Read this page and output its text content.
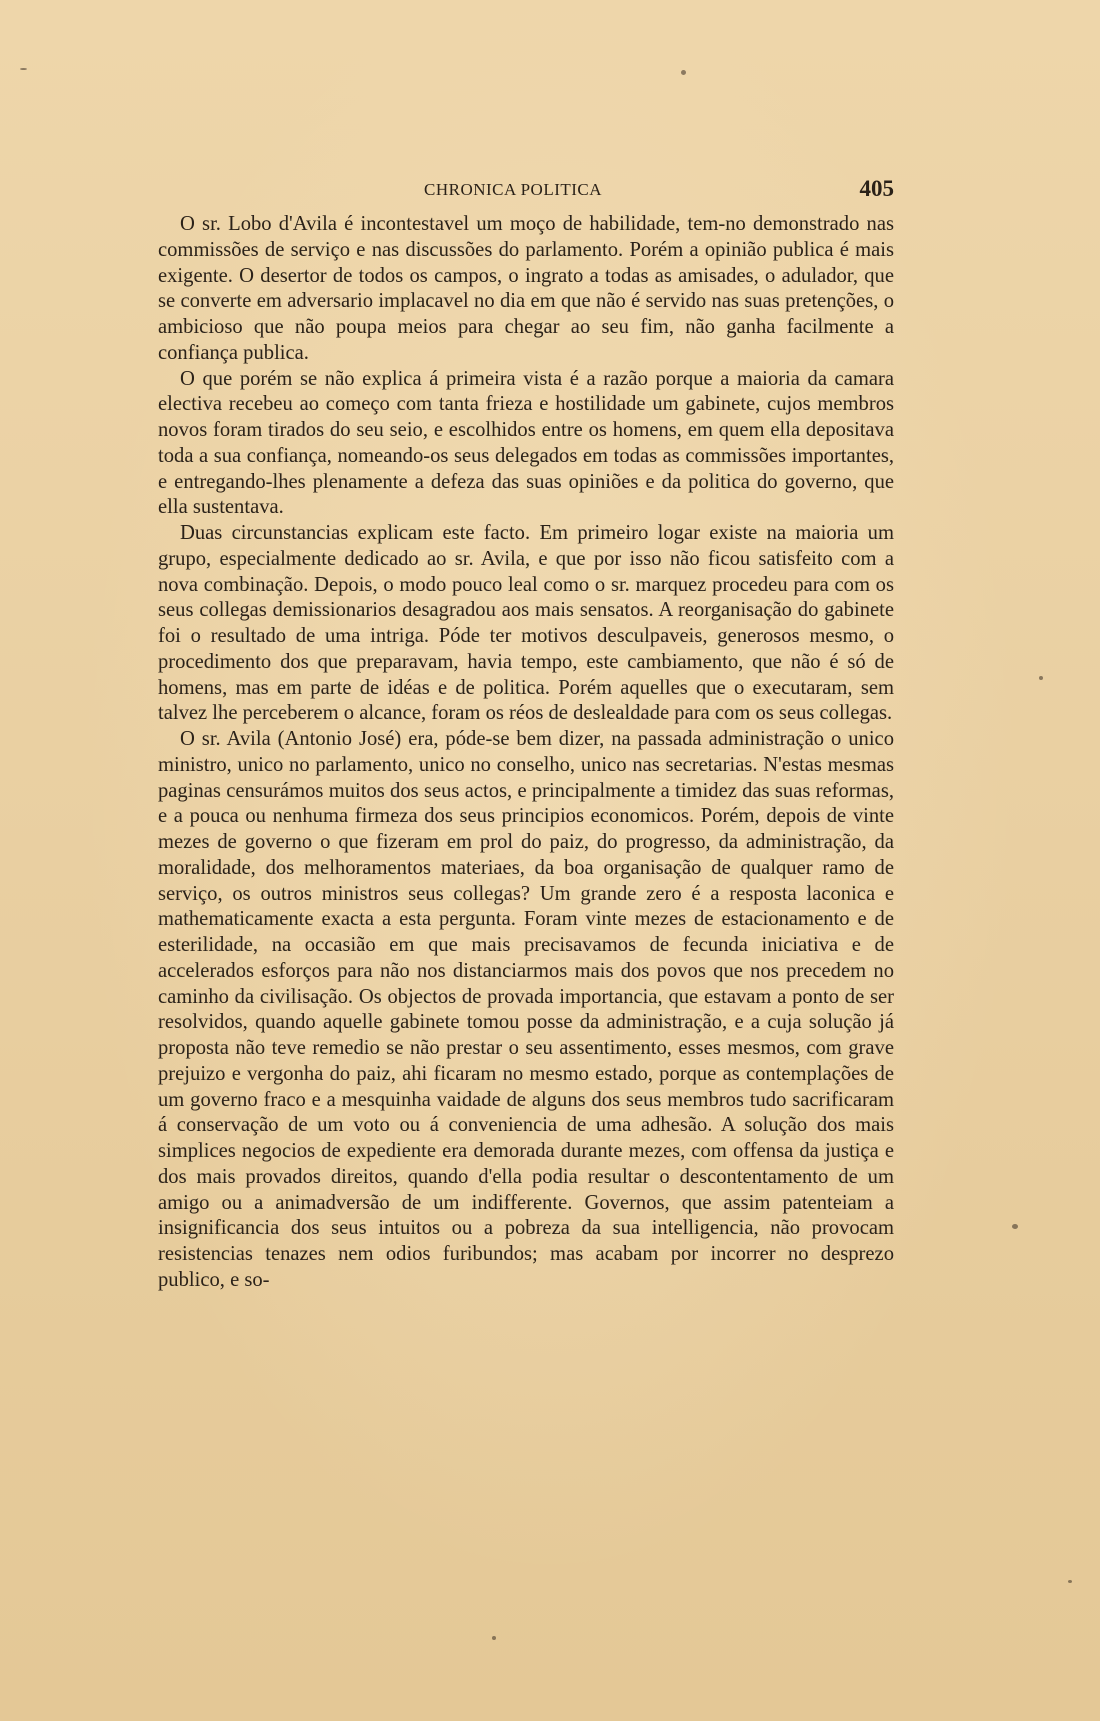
CHRONICA POLITICA	405

O sr. Lobo d'Avila é incontestavel um moço de habilidade, tem-no demonstrado nas commissões de serviço e nas discussões do parlamento. Porém a opinião publica é mais exigente. O desertor de todos os campos, o ingrato a todas as amisades, o adulador, que se converte em adversario implacavel no dia em que não é servido nas suas pretenções, o ambicioso que não poupa meios para chegar ao seu fim, não ganha facilmente a confiança publica.

O que porém se não explica á primeira vista é a razão porque a maioria da camara electiva recebeu ao começo com tanta frieza e hostilidade um gabinete, cujos membros novos foram tirados do seu seio, e escolhidos entre os homens, em quem ella depositava toda a sua confiança, nomeando-os seus delegados em todas as commissões importantes, e entregando-lhes plenamente a defeza das suas opiniões e da politica do governo, que ella sustentava.

Duas circunstancias explicam este facto. Em primeiro logar existe na maioria um grupo, especialmente dedicado ao sr. Avila, e que por isso não ficou satisfeito com a nova combinação. Depois, o modo pouco leal como o sr. marquez procedeu para com os seus collegas demissionarios desagradou aos mais sensatos. A reorganisação do gabinete foi o resultado de uma intriga. Póde ter motivos desculpaveis, generosos mesmo, o procedimento dos que preparavam, havia tempo, este cambiamento, que não é só de homens, mas em parte de idéas e de politica. Porém aquelles que o executaram, sem talvez lhe perceberem o alcance, foram os réos de deslealdade para com os seus collegas.

O sr. Avila (Antonio José) era, póde-se bem dizer, na passada administração o unico ministro, unico no parlamento, unico no conselho, unico nas secretarias. N'estas mesmas paginas censurámos muitos dos seus actos, e principalmente a timidez das suas reformas, e a pouca ou nenhuma firmeza dos seus principios economicos. Porém, depois de vinte mezes de governo o que fizeram em prol do paiz, do progresso, da administração, da moralidade, dos melhoramentos materiaes, da boa organisação de qualquer ramo de serviço, os outros ministros seus collegas? Um grande zero é a resposta laconica e mathematicamente exacta a esta pergunta. Foram vinte mezes de estacionamento e de esterilidade, na occasião em que mais precisavamos de fecunda iniciativa e de accelerados esforços para não nos distanciarmos mais dos povos que nos precedem no caminho da civilisação. Os objectos de provada importancia, que estavam a ponto de ser resolvidos, quando aquelle gabinete tomou posse da administração, e a cuja solução já proposta não teve remedio se não prestar o seu assentimento, esses mesmos, com grave prejuizo e vergonha do paiz, ahi ficaram no mesmo estado, porque as contemplações de um governo fraco e a mesquinha vaidade de alguns dos seus membros tudo sacrificaram á conservação de um voto ou á conveniencia de uma adhesão. A solução dos mais simplices negocios de expediente era demorada durante mezes, com offensa da justiça e dos mais provados direitos, quando d'ella podia resultar o descontentamento de um amigo ou a animadversão de um indifferente. Governos, que assim patenteiam a insignificancia dos seus intuitos ou a pobreza da sua intelligencia, não provocam resistencias tenazes nem odios furibundos; mas acabam por incorrer no desprezo publico, e so-
